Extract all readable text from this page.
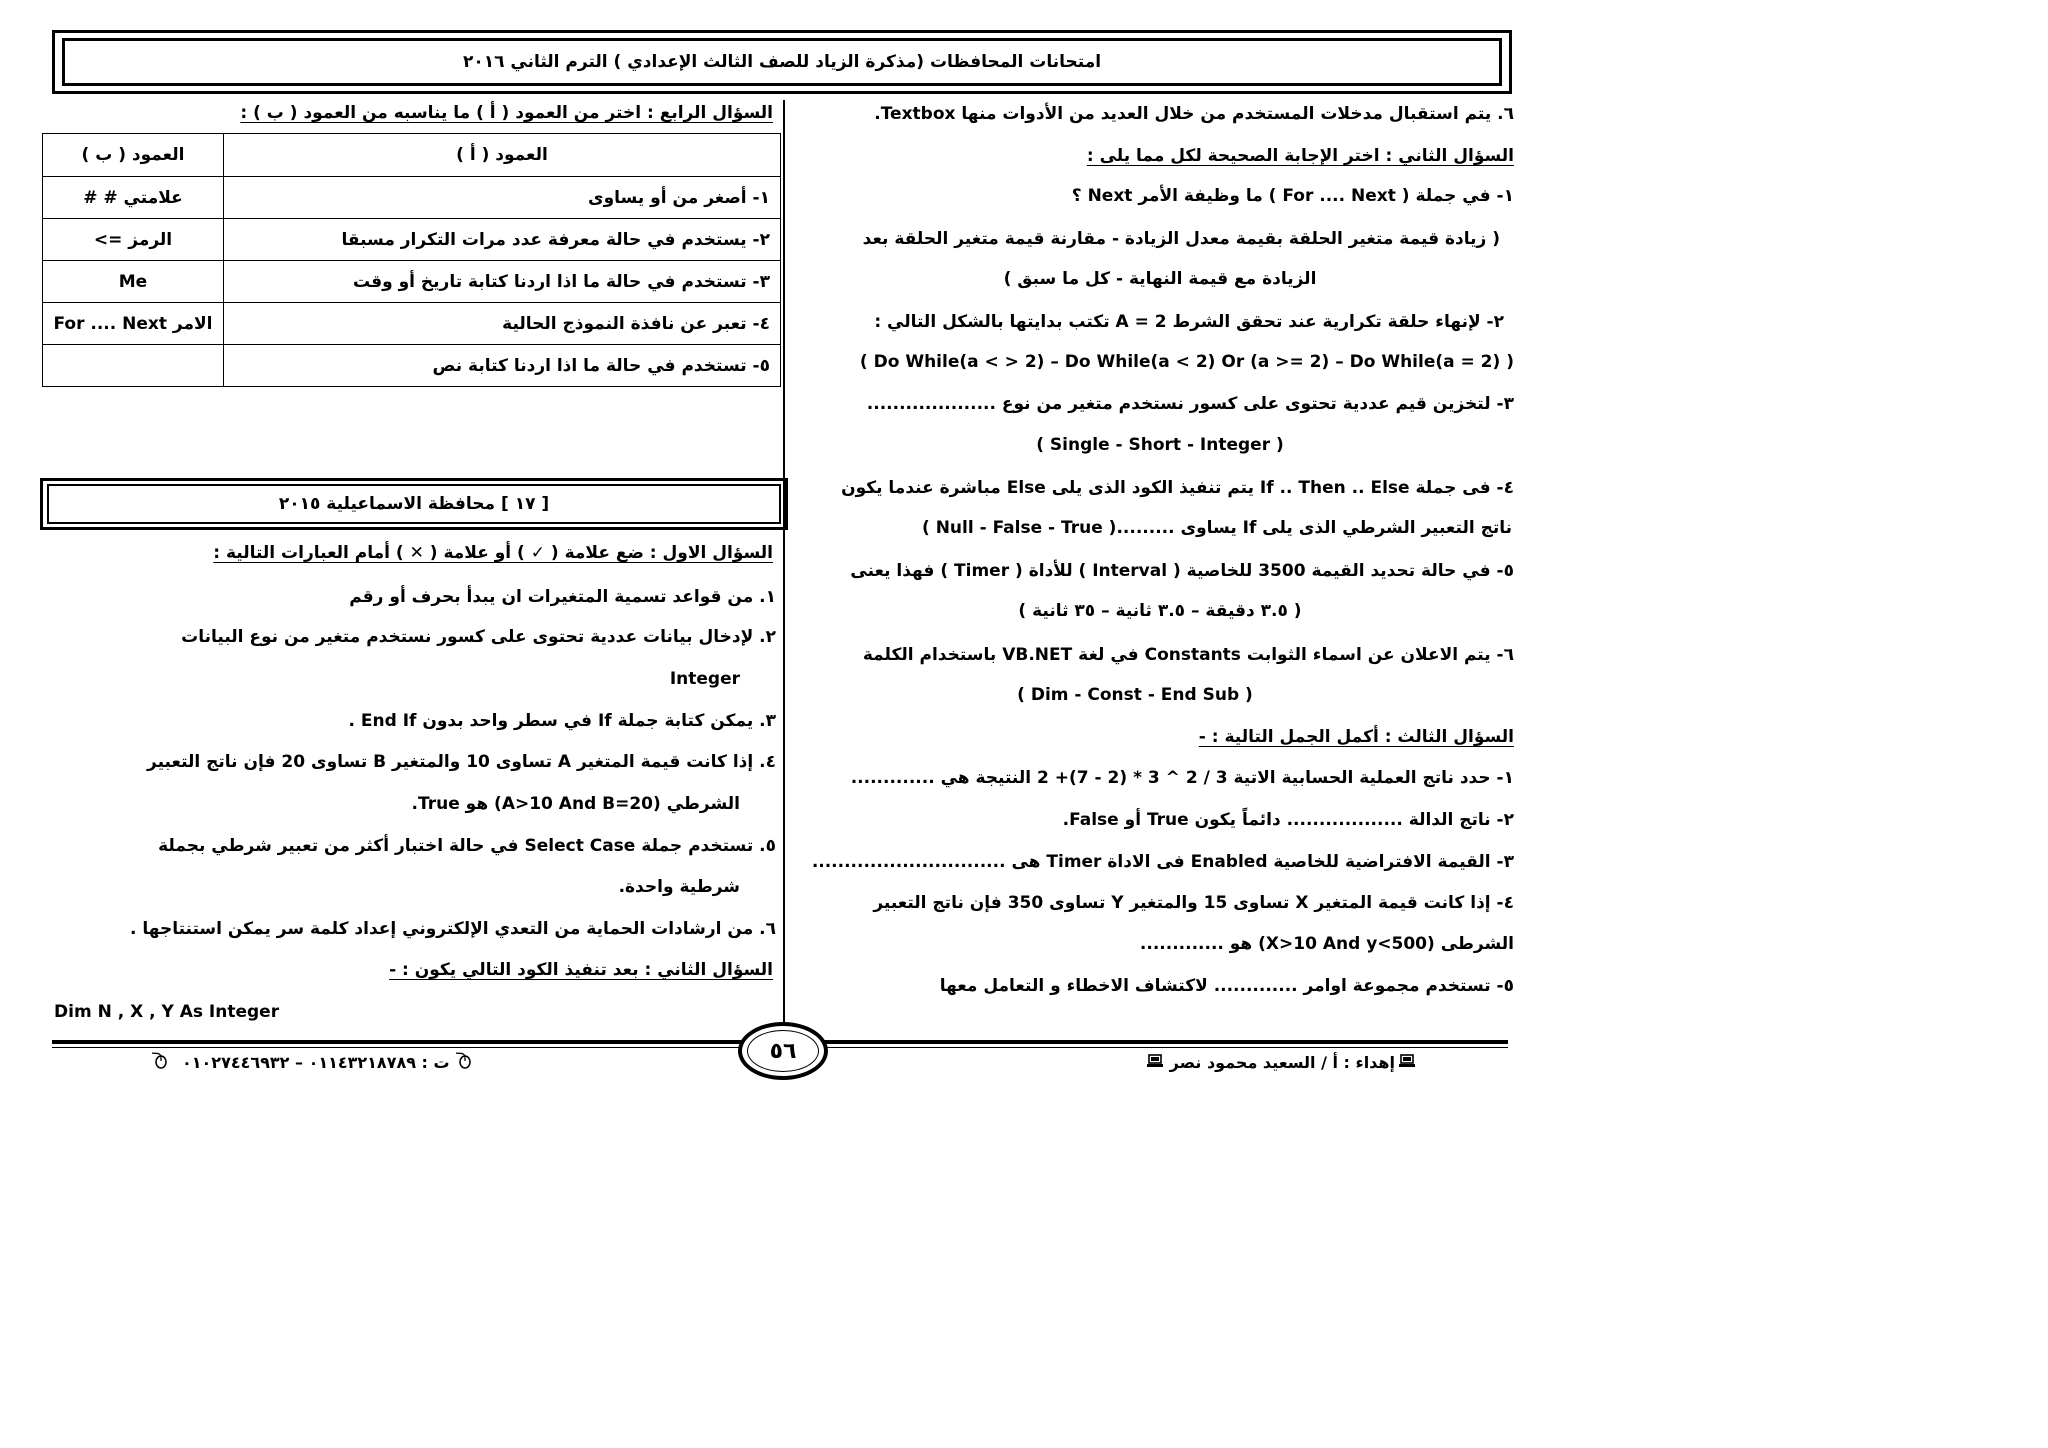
امتحانات المحافظات (مذكرة الزياد للصف الثالث الإعدادي ) الترم الثاني ٢٠١٦
٦. يتم استقبال مدخلات المستخدم من خلال العديد من الأدوات منها Textbox.
السؤال الثاني : اختر الإجابة الصحيحة لكل مما يلى :
١- في جملة ( For .... Next ) ما وظيفة الأمر Next ؟
( زيادة قيمة متغير الحلقة بقيمة معدل الزيادة - مقارنة قيمة متغير الحلقة بعد
الزيادة مع قيمة النهاية - كل ما سبق )
٢- لإنهاء حلقة تكرارية عند تحقق الشرط A = 2 تكتب بدايتها بالشكل التالي :
( Do While(a < > 2) – Do While(a < 2) Or (a >= 2) – Do While(a = 2) )
٣- لتخزين قيم عددية تحتوى على كسور نستخدم متغير من نوع ....................
( Single - Short - Integer )
٤- فى جملة If .. Then .. Else يتم تنفيذ الكود الذى يلى Else مباشرة عندما يكون
ناتج التعبير الشرطي الذى يلى If يساوى .........( Null - False - True )
٥- في حالة تحديد القيمة 3500 للخاصية ( Interval ) للأداة ( Timer ) فهذا يعنى
( ٣.٥ دقيقة – ٣.٥ ثانية – ٣٥ ثانية )
٦- يتم الاعلان عن اسماء الثوابت Constants في لغة VB.NET باستخدام الكلمة
( Dim - Const - End Sub )
السؤال الثالث : أكمل الجمل التالية : -
١- حدد ناتج العملية الحسابية الاتية 3 / 2 ^ 3 * (2 - 7)+ 2 النتيجة هي .............
٢- ناتج الدالة .................. دائماً يكون True أو False.
٣- القيمة الافتراضية للخاصية Enabled فى الاداة Timer هى ..............................
٤- إذا كانت قيمة المتغير X تساوى 15 والمتغير Y تساوى 350 فإن ناتج التعبير
الشرطى (X>10 And y<500) هو .............
٥- تستخدم مجموعة اوامر ............. لاكتشاف الاخطاء و التعامل معها
السؤال الرابع : اختر من العمود ( أ ) ما يناسبه من العمود ( ب ) :
العمود ( أ )	العمود ( ب )
١- أصغر من أو يساوى	علامتي # #
٢- يستخدم في حالة معرفة عدد مرات التكرار مسبقا	الرمز =>
٣- تستخدم في حالة ما اذا اردنا كتابة تاريخ أو وقت	Me
٤- تعبر عن نافذة النموذج الحالية	الامر For .... Next
٥- تستخدم في حالة ما اذا اردنا كتابة نص	
[ ١٧ ] محافظة الاسماعيلية ٢٠١٥
السؤال الاول : ضع علامة ( ✓ ) أو علامة ( ✕ ) أمام العبارات التالية :
١. من قواعد تسمية المتغيرات ان يبدأ بحرف أو رقم
٢. لإدخال بيانات عددية تحتوى على كسور نستخدم متغير من نوع البيانات
Integer
٣. يمكن كتابة جملة If في سطر واحد بدون End If .
٤. إذا كانت قيمة المتغير A تساوى 10 والمتغير B تساوى 20 فإن ناتج التعبير
الشرطي (A>10 And B=20) هو True.
٥. تستخدم جملة Select Case في حالة اختبار أكثر من تعبير شرطي بجملة
شرطية واحدة.
٦. من ارشادات الحماية من التعدي الإلكتروني إعداد كلمة سر يمكن استنتاجها .
السؤال الثاني : بعد تنفيذ الكود التالي يكون : -
Dim N , X , Y As Integer
٥٦	إهداء : أ / السعيد محمود نصر
ت : ٠١١٤٣٢١٨٧٨٩ – ٠١٠٢٧٤٤٦٩٣٢
